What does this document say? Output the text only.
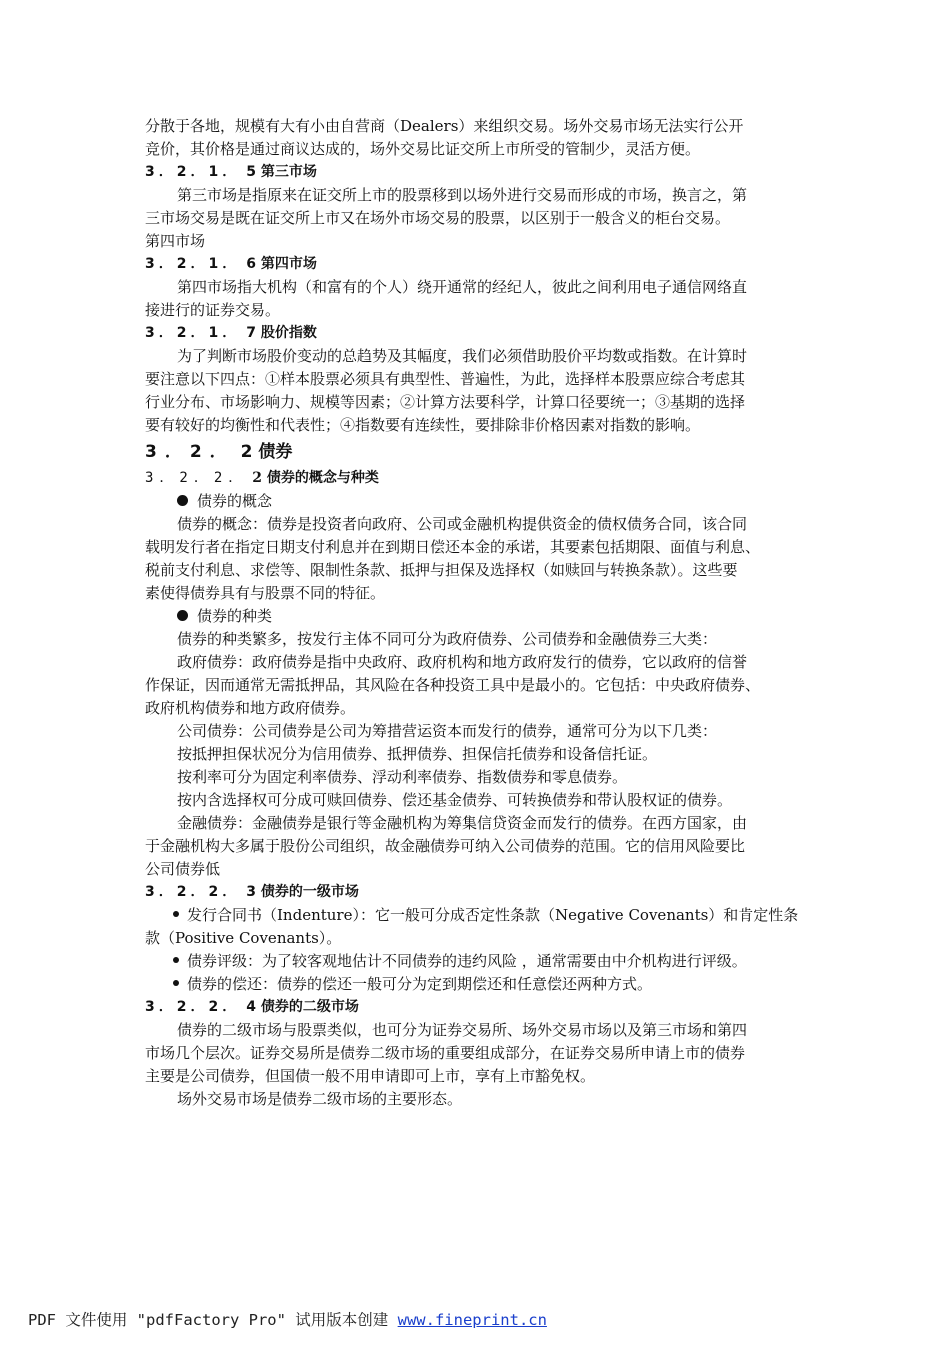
分散于各地，规模有大有小由自营商（Dealers）来组织交易。场外交易市场无法实行公开

竞价，其价格是通过商议达成的，场外交易比证交所上市所受的管制少，灵活方便。

3．2．1． 5 第三市场

第三市场是指原来在证交所上市的股票移到以场外进行交易而形成的市场，换言之，第

三市场交易是既在证交所上市又在场外市场交易的股票，以区别于一般含义的柜台交易。

第四市场

3．2．1． 6 第四市场

第四市场指大机构（和富有的个人）绕开通常的经纪人，彼此之间利用电子通信网络直

接进行的证券交易。

3．2．1． 7 股价指数

为了判断市场股价变动的总趋势及其幅度，我们必须借助股价平均数或指数。在计算时

要注意以下四点：①样本股票必须具有典型性、普遍性，为此，选择样本股票应综合考虑其

行业分布、市场影响力、规模等因素；②计算方法要科学，计算口径要统一；③基期的选择

要有较好的均衡性和代表性；④指数要有连续性，要排除非价格因素对指数的影响。

3．2． 2 债券

3．2．2． 2 债券的概念与种类

债券的概念

债券的概念：债券是投资者向政府、公司或金融机构提供资金的债权债务合同，该合同

载明发行者在指定日期支付利息并在到期日偿还本金的承诺，其要素包括期限、面值与利息、

税前支付利息、求偿等、限制性条款、抵押与担保及选择权（如赎回与转换条款）。这些要

素使得债券具有与股票不同的特征。

债券的种类

债券的种类繁多，按发行主体不同可分为政府债券、公司债券和金融债券三大类：

政府债券：政府债券是指中央政府、政府机构和地方政府发行的债券，它以政府的信誉

作保证，因而通常无需抵押品，其风险在各种投资工具中是最小的。它包括：中央政府债券、

政府机构债券和地方政府债券。

公司债券：公司债券是公司为筹措营运资本而发行的债券，通常可分为以下几类：

按抵押担保状况分为信用债券、抵押债券、担保信托债券和设备信托证。

按利率可分为固定利率债券、浮动利率债券、指数债券和零息债券。

按内含选择权可分成可赎回债券、偿还基金债券、可转换债券和带认股权证的债券。

金融债券：金融债券是银行等金融机构为筹集信贷资金而发行的债券。在西方国家，由

于金融机构大多属于股份公司组织，故金融债券可纳入公司债券的范围。它的信用风险要比

公司债券低

3．2．2． 3 债券的一级市场

发行合同书（Indenture）：它一般可分成否定性条款（Negative Covenants）和肯定性条

款（Positive Covenants）。

债券评级：为了较客观地估计不同债券的违约风险 ，通常需要由中介机构进行评级。

债券的偿还：债券的偿还一般可分为定到期偿还和任意偿还两种方式。

3．2．2． 4 债券的二级市场

债券的二级市场与股票类似，也可分为证券交易所、场外交易市场以及第三市场和第四

市场几个层次。证券交易所是债券二级市场的重要组成部分，在证券交易所申请上市的债券

主要是公司债券，但国债一般不用申请即可上市，享有上市豁免权。

场外交易市场是债券二级市场的主要形态。

PDF 文件使用 "pdfFactory Pro" 试用版本创建 www.fineprint.cn
